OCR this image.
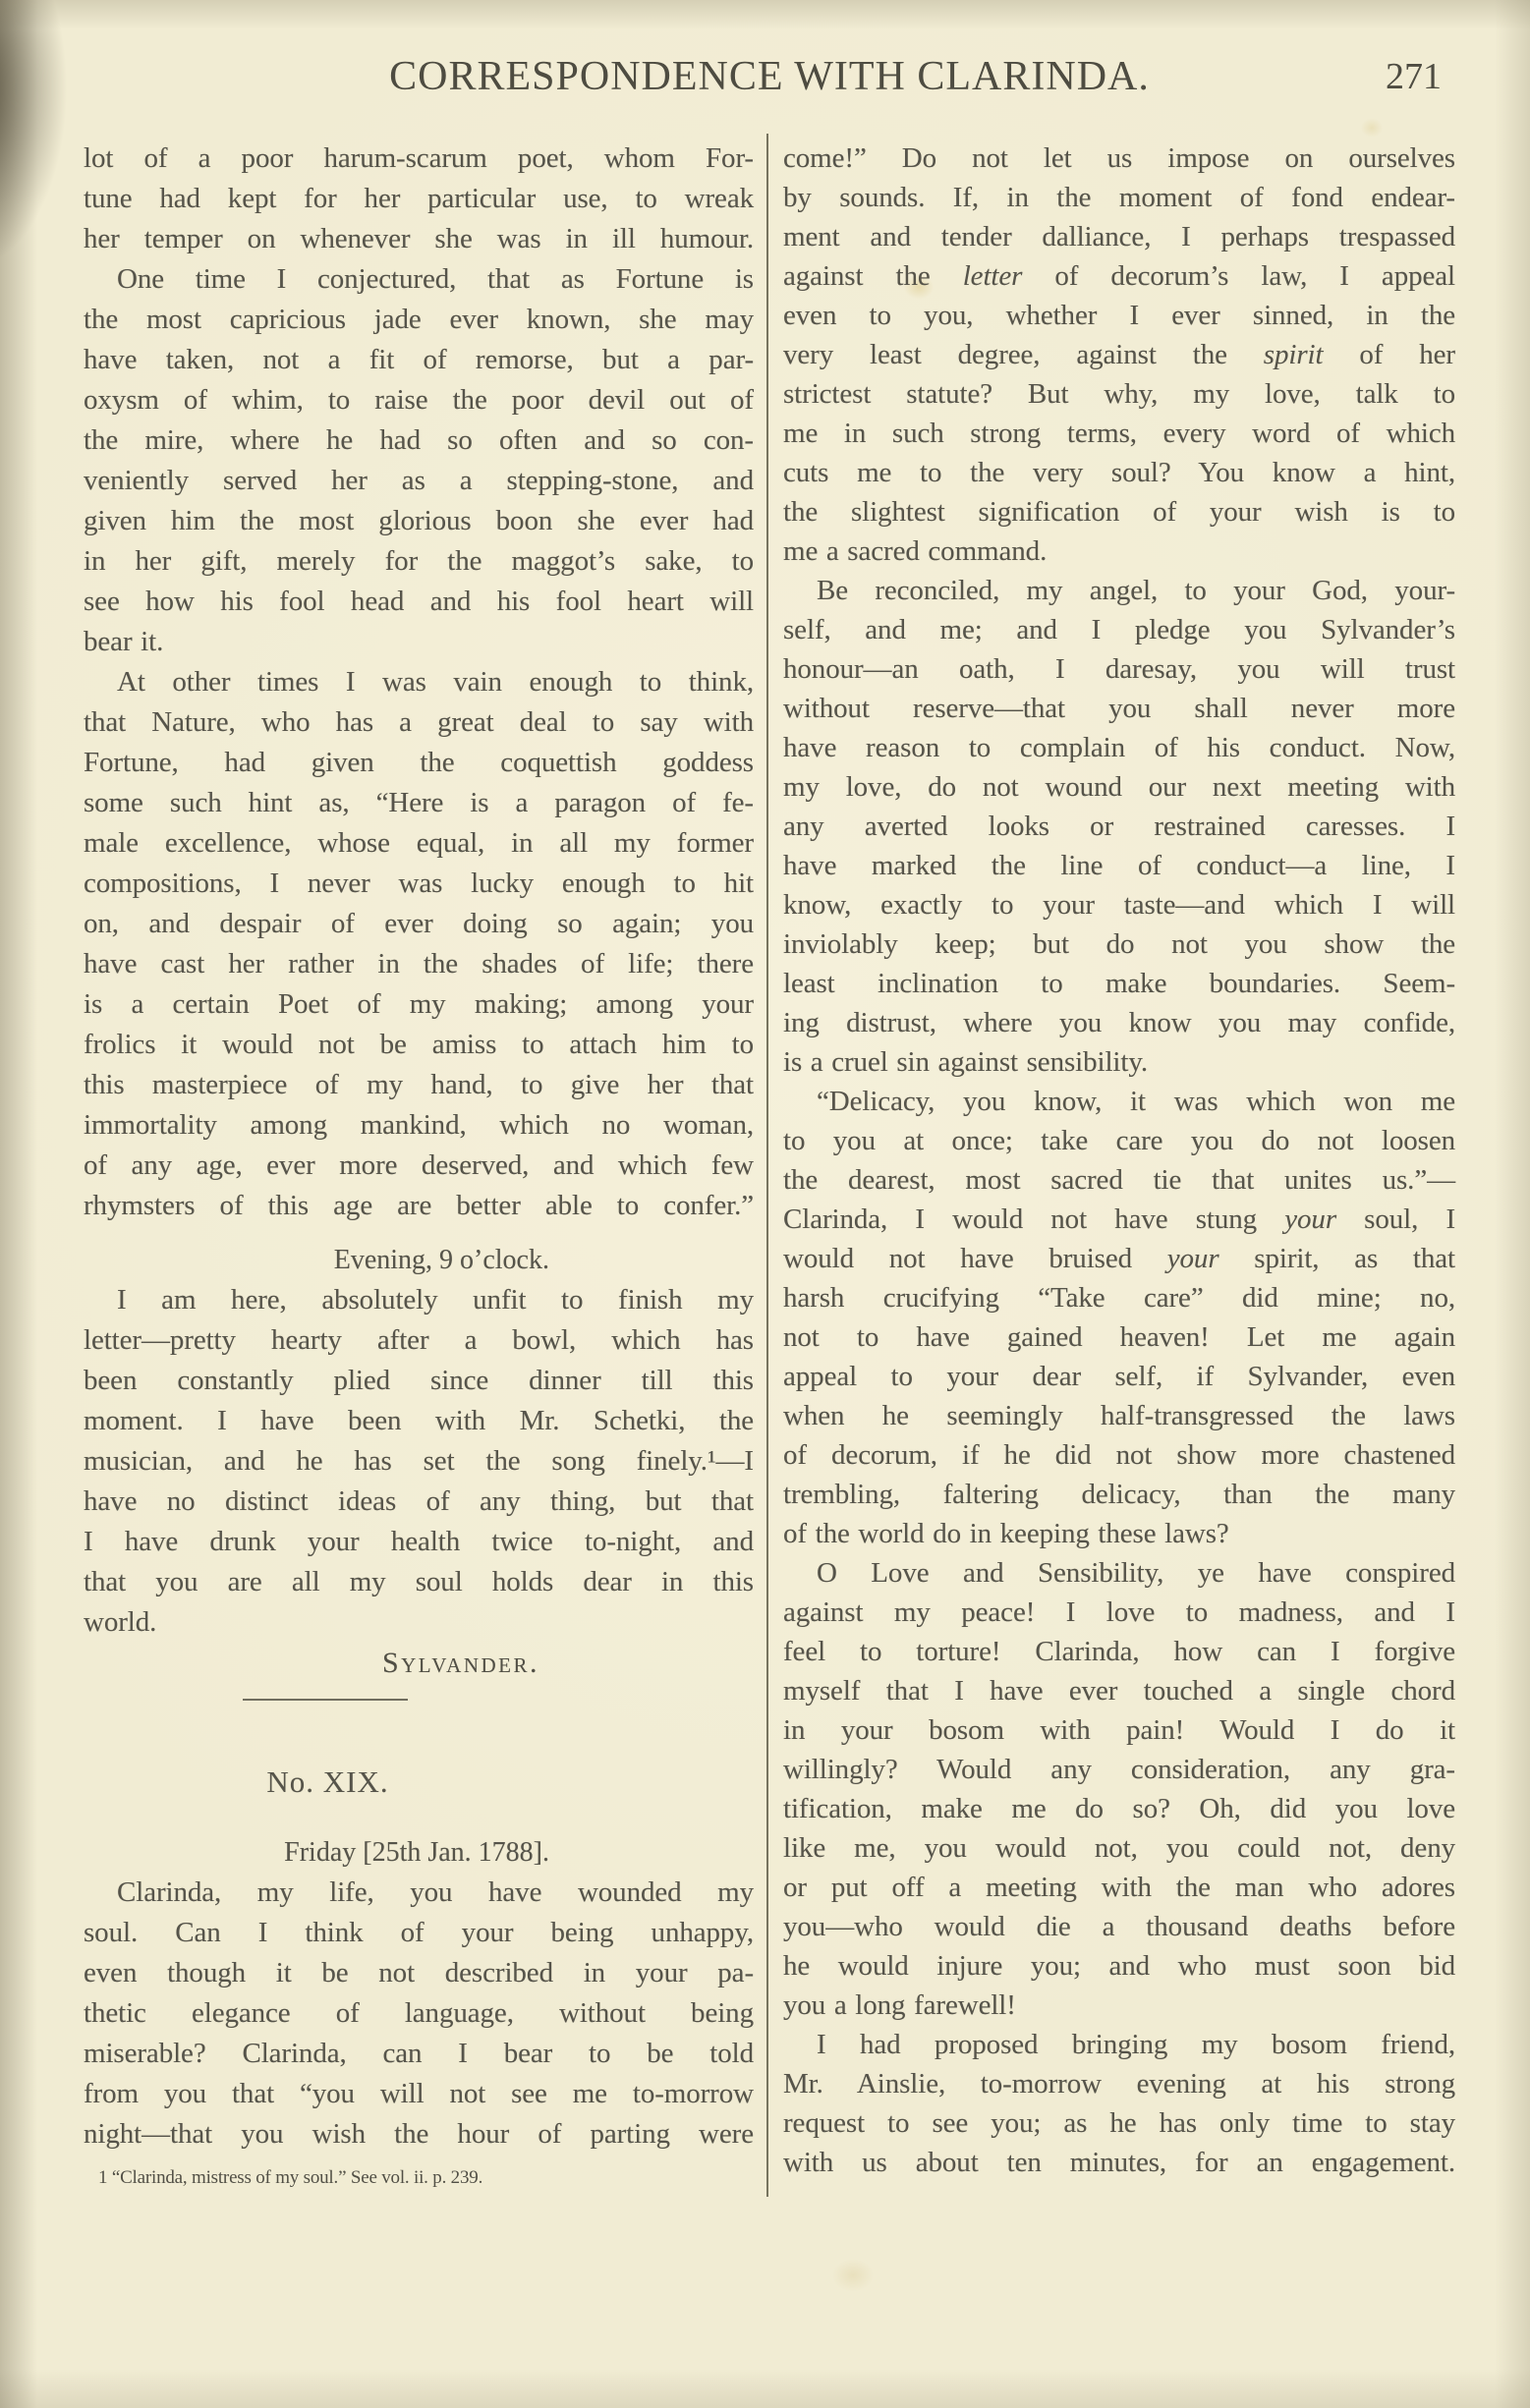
CORRESPONDENCE WITH CLARINDA.	271
lot of a poor harum-scarum poet, whom For-
tune had kept for her particular use, to wreak
her temper on whenever she was in ill humour.
One time I conjectured, that as Fortune is
the most capricious jade ever known, she may
have taken, not a fit of remorse, but a par-
oxysm of whim, to raise the poor devil out of
the mire, where he had so often and so con-
veniently served her as a stepping-stone, and
given him the most glorious boon she ever had
in her gift, merely for the maggot’s sake, to
see how his fool head and his fool heart will
bear it.
At other times I was vain enough to think,
that Nature, who has a great deal to say with
Fortune, had given the coquettish goddess
some such hint as, “Here is a paragon of fe-
male excellence, whose equal, in all my former
compositions, I never was lucky enough to hit
on, and despair of ever doing so again; you
have cast her rather in the shades of life; there
is a certain Poet of my making; among your
frolics it would not be amiss to attach him to
this masterpiece of my hand, to give her that
immortality among mankind, which no woman,
of any age, ever more deserved, and which few
rhymsters of this age are better able to confer.”
Evening, 9 o’clock.
I am here, absolutely unfit to finish my
letter—pretty hearty after a bowl, which has
been constantly plied since dinner till this
moment. I have been with Mr. Schetki, the
musician, and he has set the song finely.¹—I
have no distinct ideas of any thing, but that
I have drunk your health twice to-night, and
that you are all my soul holds dear in this
world.
Sylvander.
No. XIX.
Friday [25th Jan. 1788].
Clarinda, my life, you have wounded my
soul. Can I think of your being unhappy,
even though it be not described in your pa-
thetic elegance of language, without being
miserable? Clarinda, can I bear to be told
from you that “you will not see me to-morrow
night—that you wish the hour of parting were
come!” Do not let us impose on ourselves
by sounds. If, in the moment of fond endear-
ment and tender dalliance, I perhaps trespassed
against the letter of decorum’s law, I appeal
even to you, whether I ever sinned, in the
very least degree, against the spirit of her
strictest statute? But why, my love, talk to
me in such strong terms, every word of which
cuts me to the very soul? You know a hint,
the slightest signification of your wish is to
me a sacred command.
Be reconciled, my angel, to your God, your-
self, and me; and I pledge you Sylvander’s
honour—an oath, I daresay, you will trust
without reserve—that you shall never more
have reason to complain of his conduct. Now,
my love, do not wound our next meeting with
any averted looks or restrained caresses. I
have marked the line of conduct—a line, I
know, exactly to your taste—and which I will
inviolably keep; but do not you show the
least inclination to make boundaries. Seem-
ing distrust, where you know you may confide,
is a cruel sin against sensibility.
“Delicacy, you know, it was which won me
to you at once; take care you do not loosen
the dearest, most sacred tie that unites us.”—
Clarinda, I would not have stung your soul, I
would not have bruised your spirit, as that
harsh crucifying “Take care” did mine; no,
not to have gained heaven! Let me again
appeal to your dear self, if Sylvander, even
when he seemingly half-transgressed the laws
of decorum, if he did not show more chastened
trembling, faltering delicacy, than the many
of the world do in keeping these laws?
O Love and Sensibility, ye have conspired
against my peace! I love to madness, and I
feel to torture! Clarinda, how can I forgive
myself that I have ever touched a single chord
in your bosom with pain! Would I do it
willingly? Would any consideration, any gra-
tification, make me do so? Oh, did you love
like me, you would not, you could not, deny
or put off a meeting with the man who adores
you—who would die a thousand deaths before
he would injure you; and who must soon bid
you a long farewell!
I had proposed bringing my bosom friend,
Mr. Ainslie, to-morrow evening at his strong
request to see you; as he has only time to stay
with us about ten minutes, for an engagement.
1 “Clarinda, mistress of my soul.” See vol. ii. p. 239.
